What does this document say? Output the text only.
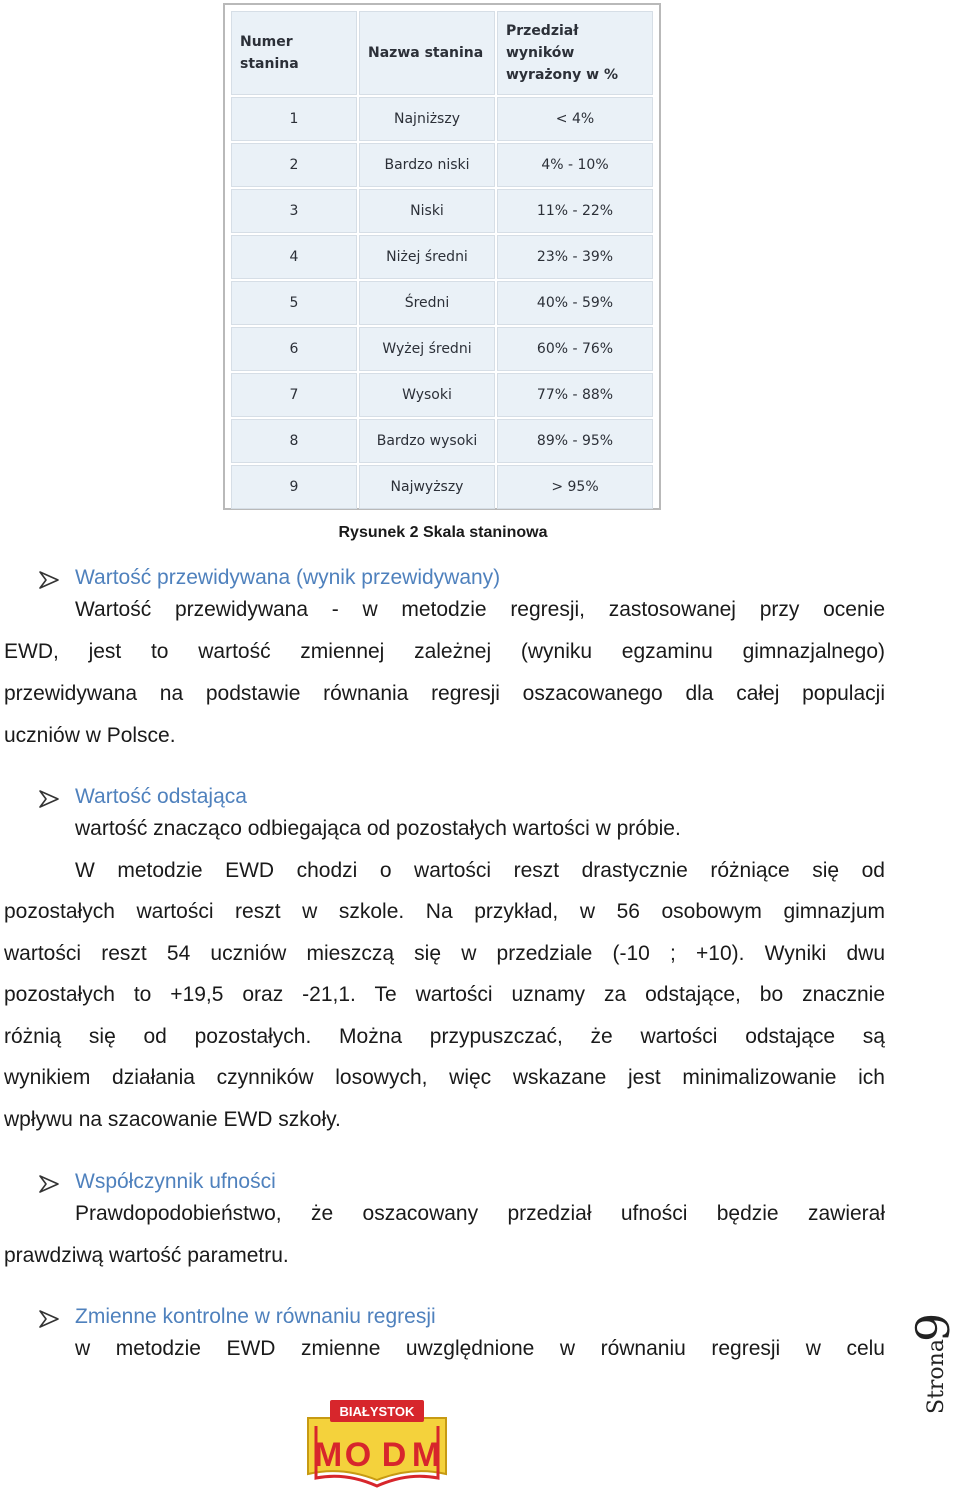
Numer stanina	Nazwa stanina	Przedział wyników wyrażony w %
1	Najniższy	< 4%
2	Bardzo niski	4% - 10%
3	Niski	11% - 22%
4	Niżej średni	23% - 39%
5	Średni	40% - 59%
6	Wyżej średni	60% - 76%
7	Wysoki	77% - 88%
8	Bardzo wysoki	89% - 95%
9	Najwyższy	> 95%
Rysunek 2 Skala staninowa
Wartość przewidywana (wynik przewidywany)
Wartość przewidywana - w metodzie regresji, zastosowanej przy ocenie
EWD, jest to wartość zmiennej zależnej (wyniku egzaminu gimnazjalnego)
przewidywana na podstawie równania regresji oszacowanego dla całej populacji
uczniów w Polsce.
Wartość odstająca
wartość znacząco odbiegająca od pozostałych wartości w próbie.
W metodzie EWD chodzi o wartości reszt drastycznie różniące się od
pozostałych wartości reszt w szkole. Na przykład, w 56 osobowym gimnazjum
wartości reszt 54 uczniów mieszczą się w przedziale (-10 ; +10). Wyniki dwu
pozostałych to +19,5 oraz -21,1. Te wartości uznamy za odstające, bo znacznie
różnią się od pozostałych. Można przypuszczać, że wartości odstające są
wynikiem działania czynników losowych, więc wskazane jest minimalizowanie ich
wpływu na szacowanie EWD szkoły.
Współczynnik ufności
Prawdopodobieństwo, że oszacowany przedział ufności będzie zawierał
prawdziwą wartość parametru.
Zmienne kontrolne w równaniu regresji
w metodzie EWD zmienne uwzględnione w równaniu regresji w celu Strona
9
BIAŁYSTOK
M O D M
